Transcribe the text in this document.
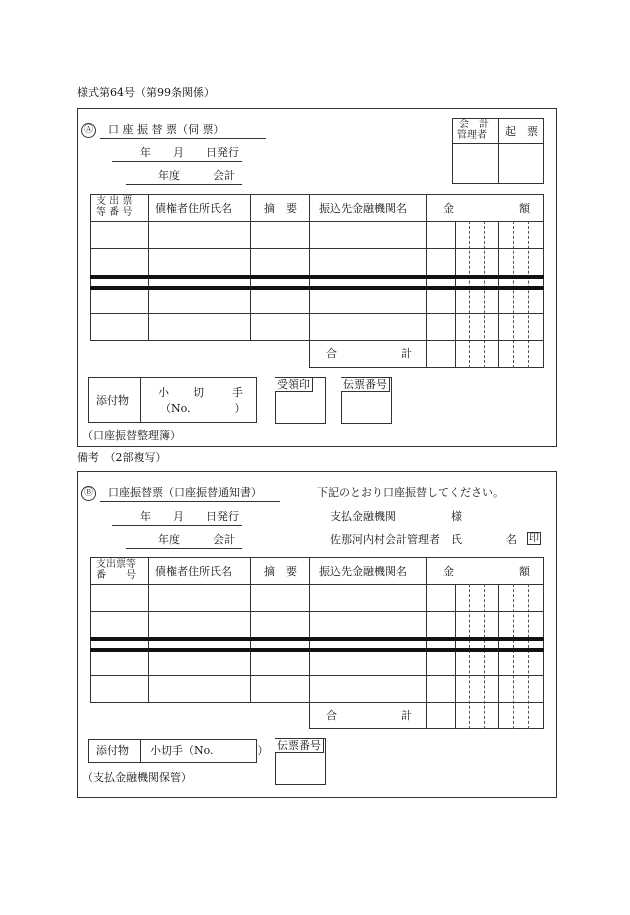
様式第64号（第99条関係）
Ⓐ 口 座 振 替 票（伺 票）
年　　月　　日発行
年度　　　会計
会　計
管理者 起　票
支 出 票
等 番 号 債権者住所氏名	摘　要 振込先金融機関名	金	額
合	計
添付物
小 切	手
（No.　　　　）
受領印	伝票番号
（口座振替整理簿）
備考　（2部複写）
Ⓑ 口座振替票（口座振替通知書）	下記のとおり口座振替してください。
年　　月　　日発行	支払金融機関　　　　　様
年度　　　会計	佐那河内村会計管理者　氏　　　　名 印
支出票等
番　　号 債権者住所氏名	摘　要 振込先金融機関名	金	額
合	計
添付物 小切手（No.　　　　） 伝票番号
（支払金融機関保管）
